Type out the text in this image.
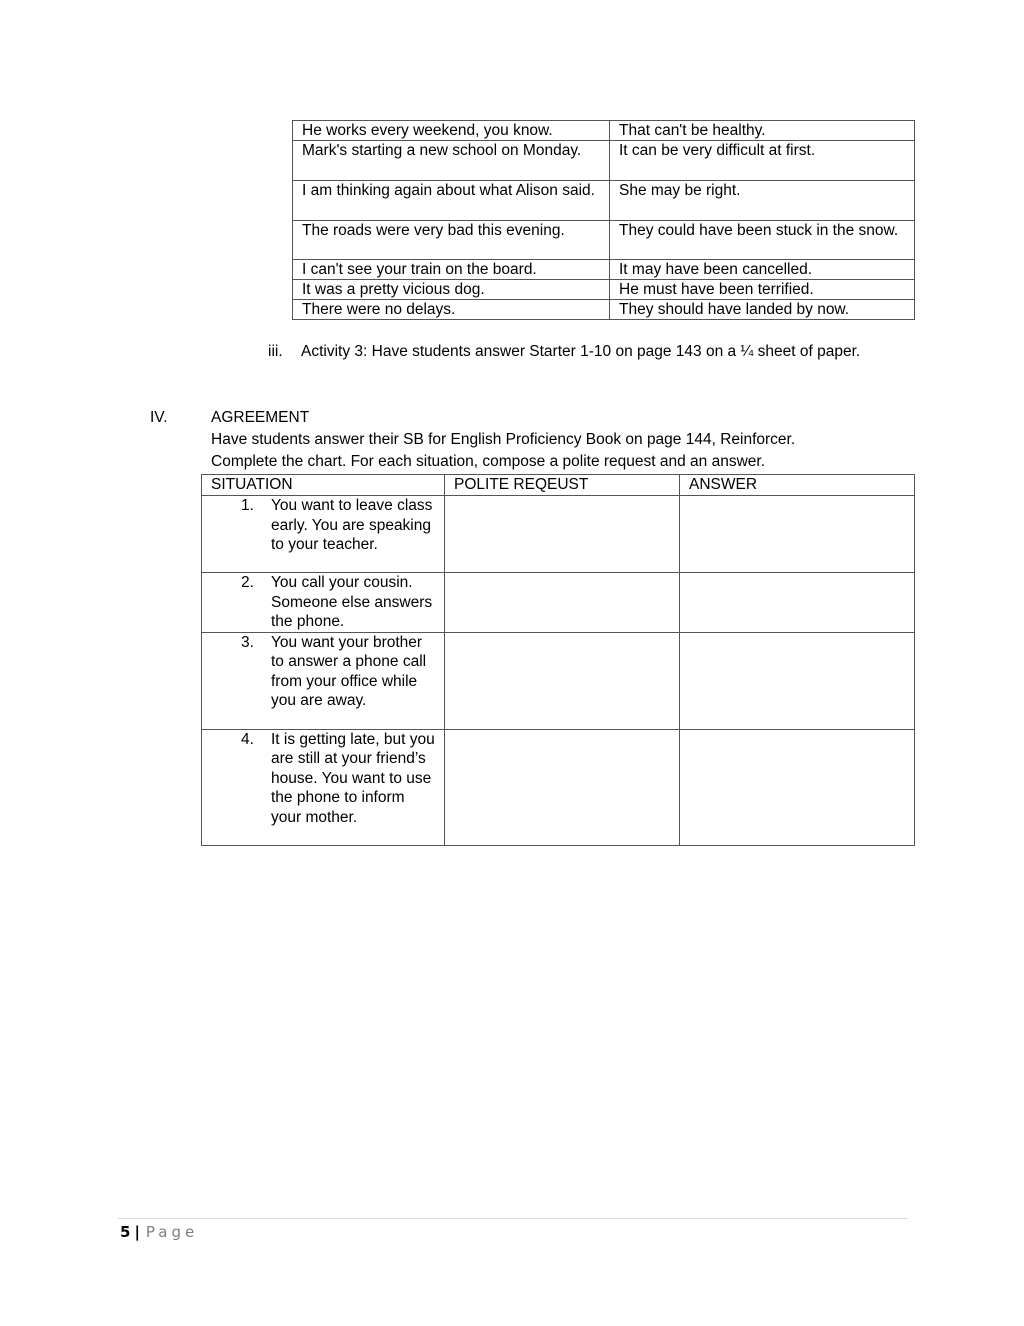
He works every weekend, you know.	That can't be healthy.
Mark's starting a new school on Monday.	It can be very difficult at first.
I am thinking again about what Alison said.	She may be right.
The roads were very bad this evening.	They could have been stuck in the snow.
I can't see your train on the board.	It may have been cancelled.
It was a pretty vicious dog.	He must have been terrified.
There were no delays.	They should have landed by now.
iii. Activity 3: Have students answer Starter 1-10 on page 143 on a ¼ sheet of paper.
IV.	AGREEMENT

Have students answer their SB for English Proficiency Book on page 144, Reinforcer.

Complete the chart. For each situation, compose a polite request and an answer.

SITUATION	POLITE REQEUST	ANSWER

1. You want to leave class early. You are speaking to your teacher.		

2. You call your cousin. Someone else answers the phone.		

3. You want your brother to answer a phone call from your office while you are away.		

4. It is getting late, but you are still at your friend’s house. You want to use the phone to inform your mother.		

5 | Page
